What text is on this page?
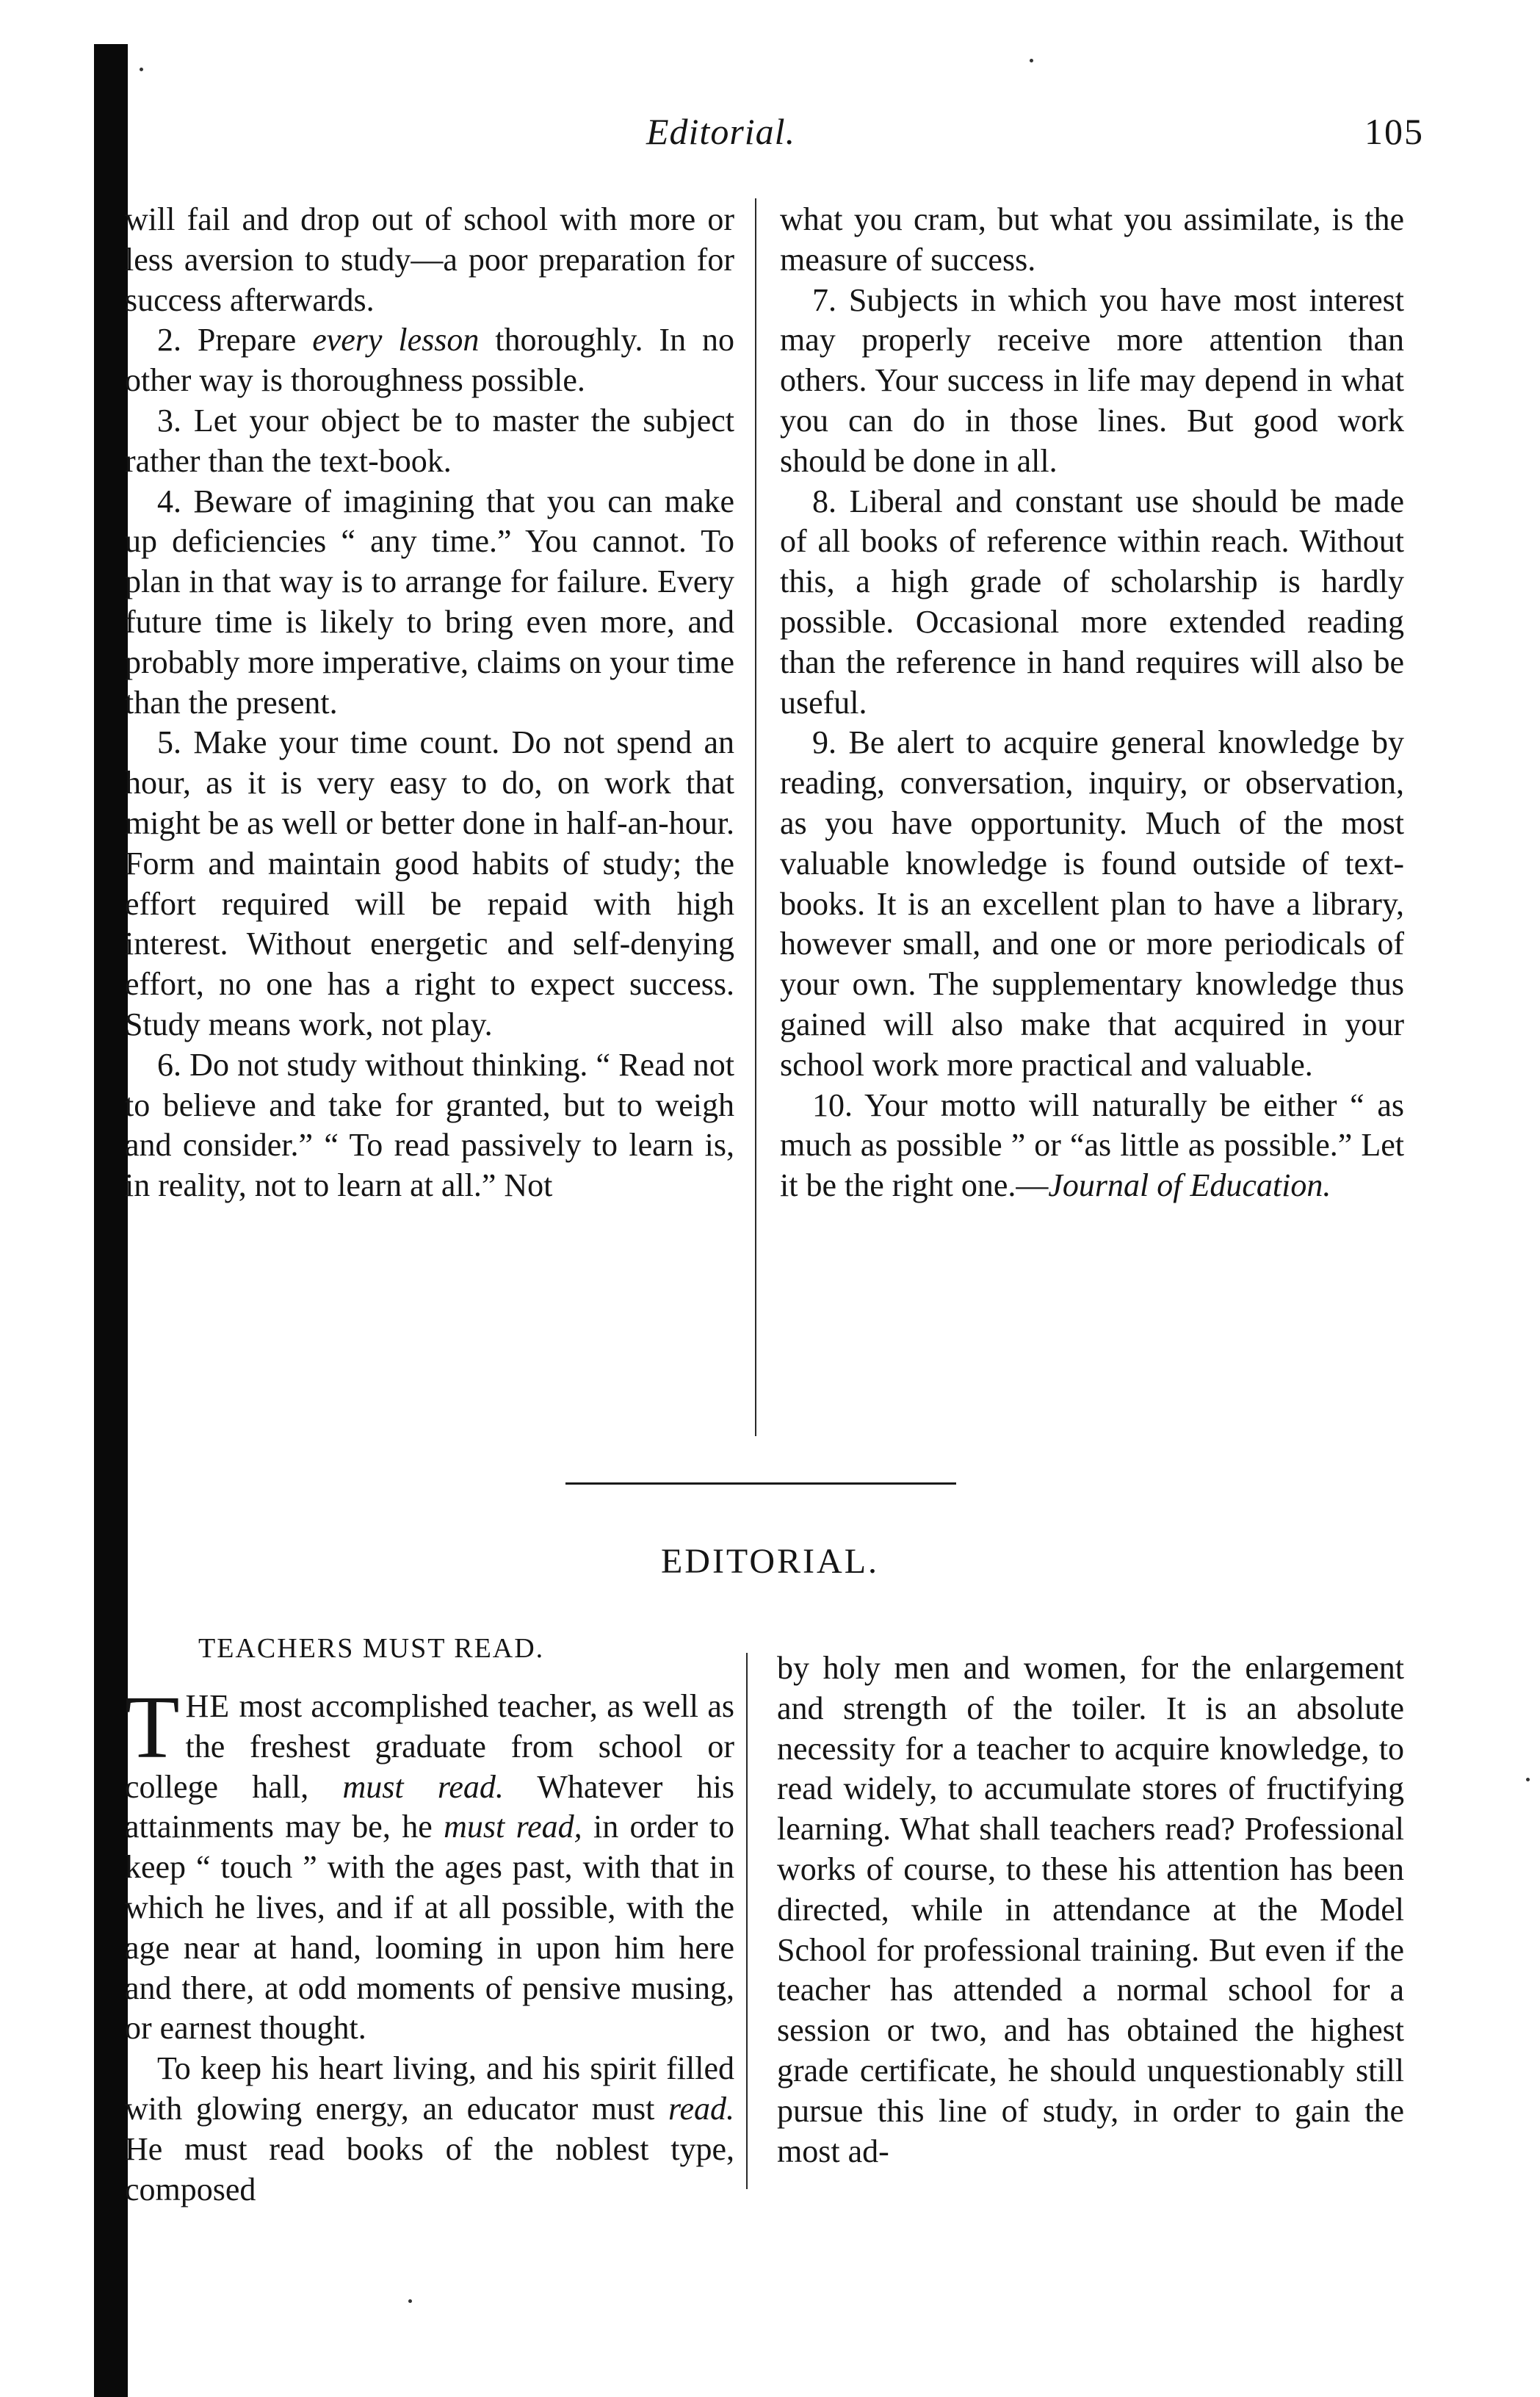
Editorial.	105

will fail and drop out of school with more or less aversion to study—a poor preparation for success afterwards.

2. Prepare every lesson thoroughly. In no other way is thoroughness possible.

3. Let your object be to master the subject rather than the text-book.

4. Beware of imagining that you can make up deficiencies “ any time.” You cannot. To plan in that way is to arrange for failure. Every future time is likely to bring even more, and probably more imperative, claims on your time than the present.

5. Make your time count. Do not spend an hour, as it is very easy to do, on work that might be as well or better done in half-an-hour. Form and maintain good habits of study; the effort required will be repaid with high interest. Without energetic and self-denying effort, no one has a right to expect success. Study means work, not play.

6. Do not study without thinking. “ Read not to believe and take for granted, but to weigh and consider.” “ To read passively to learn is, in reality, not to learn at all.” Not

what you cram, but what you assimilate, is the measure of success.

7. Subjects in which you have most interest may properly receive more attention than others. Your success in life may depend in what you can do in those lines. But good work should be done in all.

8. Liberal and constant use should be made of all books of reference within reach. Without this, a high grade of scholarship is hardly possible. Occasional more extended reading than the reference in hand requires will also be useful.

9. Be alert to acquire general knowledge by reading, conversation, inquiry, or observation, as you have opportunity. Much of the most valuable knowledge is found outside of text-books. It is an excellent plan to have a library, however small, and one or more periodicals of your own. The supplementary knowledge thus gained will also make that acquired in your school work more practical and valuable.

10. Your motto will naturally be either “ as much as possible ” or “as little as possible.” Let it be the right one.—Journal of Education.

EDITORIAL.
TEACHERS MUST READ.

THE most accomplished teacher, as well as the freshest graduate from school or college hall, must read. Whatever his attainments may be, he must read, in order to keep “ touch ” with the ages past, with that in which he lives, and if at all possible, with the age near at hand, looming in upon him here and there, at odd moments of pensive musing, or earnest thought.

To keep his heart living, and his spirit filled with glowing energy, an educator must read. He must read books of the noblest type, composed

by holy men and women, for the enlargement and strength of the toiler. It is an absolute necessity for a teacher to acquire knowledge, to read widely, to accumulate stores of fructifying learning. What shall teachers read? Professional works of course, to these his attention has been directed, while in attendance at the Model School for professional training. But even if the teacher has attended a normal school for a session or two, and has obtained the highest grade certificate, he should unquestionably still pursue this line of study, in order to gain the most ad-
